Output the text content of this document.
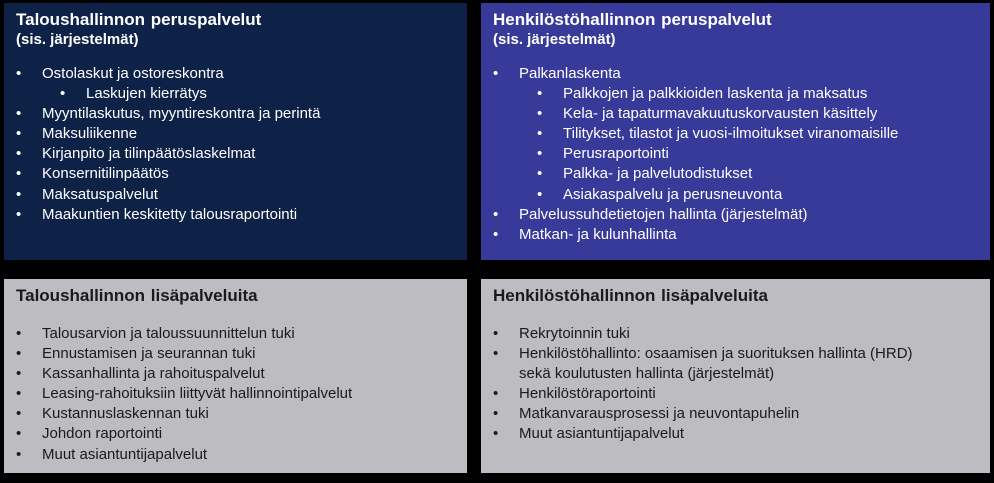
Taloushallinnon peruspalvelut

(sis. järjestelmät)

•	Ostolaskut ja ostoreskontra
•	Laskujen kierrätys
•	Myyntilaskutus, myyntireskontra ja perintä
•	Maksuliikenne
•	Kirjanpito ja tilinpäätöslaskelmat
•	Konsernitilinpäätös
•	Maksatuspalvelut
•	Maakuntien keskitetty talousraportointi

Henkilöstöhallinnon peruspalvelut

(sis. järjestelmät)

•	Palkanlaskenta
•	Palkkojen ja palkkioiden laskenta ja maksatus
•	Kela- ja tapaturmavakuutuskorvausten käsittely
•	Tilitykset, tilastot ja vuosi-ilmoitukset viranomaisille
•	Perusraportointi
•	Palkka- ja palvelutodistukset
•	Asiakaspalvelu ja perusneuvonta
•	Palvelussuhdetietojen hallinta (järjestelmät)
•	Matkan- ja kulunhallinta

Taloushallinnon lisäpalveluita

•	Talousarvion ja taloussuunnittelun tuki
•	Ennustamisen ja seurannan tuki
•	Kassanhallinta ja rahoituspalvelut
•	Leasing-rahoituksiin liittyvät hallinnointipalvelut
•	Kustannuslaskennan tuki
•	Johdon raportointi
•	Muut asiantuntijapalvelut

Henkilöstöhallinnon lisäpalveluita

•	Rekrytoinnin tuki
•	Henkilöstöhallinto: osaamisen ja suorituksen hallinta (HRD)
sekä koulutusten hallinta (järjestelmät)
•	Henkilöstöraportointi
•	Matkanvarausprosessi ja neuvontapuhelin
•	Muut asiantuntijapalvelut
